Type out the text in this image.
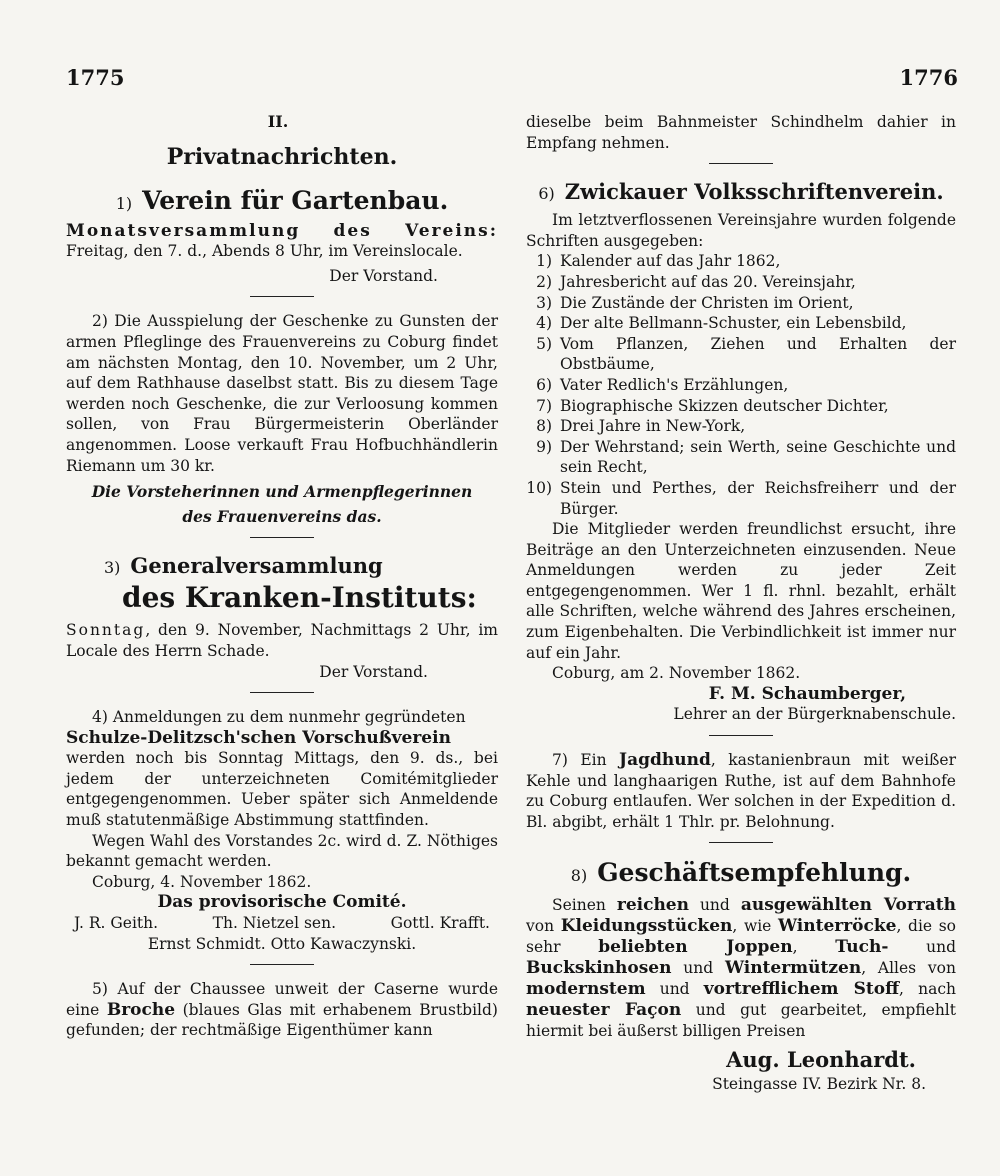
1775	1776

II.

Privatnachrichten.

1) Verein für Gartenbau.

Monatsversammlung des Vereins: Freitag, den 7. d., Abends 8 Uhr, im Vereinslocale.

Der Vorstand.

2) Die Ausspielung der Geschenke zu Gunsten der armen Pfleglinge des Frauenvereins zu Coburg findet am nächsten Montag, den 10. November, um 2 Uhr, auf dem Rathhause daselbst statt. Bis zu diesem Tage werden noch Geschenke, die zur Verloosung kommen sollen, von Frau Bürgermeisterin Oberländer angenommen. Loose verkauft Frau Hofbuchhändlerin Riemann um 30 kr.

Die Vorsteherinnen und Armenpflegerinnen

des Frauenvereins das.

3) Generalversammlung

des Kranken-Instituts:

Sonntag, den 9. November, Nachmittags 2 Uhr, im Locale des Herrn Schade.

Der Vorstand.

4) Anmeldungen zu dem nunmehr gegründeten

Schulze-Delitzsch'schen Vorschußverein

werden noch bis Sonntag Mittags, den 9. ds., bei jedem der unterzeichneten Comitémitglieder entgegengenommen. Ueber später sich Anmeldende muß statutenmäßige Abstimmung stattfinden.

Wegen Wahl des Vorstandes 2c. wird d. Z. Nöthiges bekannt gemacht werden.

Coburg, 4. November 1862.

Das provisorische Comité.

J. R. Geith.	Th. Nietzel sen.	Gottl. Krafft.

Ernst Schmidt. Otto Kawaczynski.

5) Auf der Chaussee unweit der Caserne wurde eine Broche (blaues Glas mit erhabenem Brustbild) gefunden; der rechtmäßige Eigenthümer kann

dieselbe beim Bahnmeister Schindhelm dahier in Empfang nehmen.

6) Zwickauer Volksschriftenverein.

Im letztverflossenen Vereinsjahre wurden folgende Schriften ausgegeben:

1) Kalender auf das Jahr 1862,
2) Jahresbericht auf das 20. Vereinsjahr,
3) Die Zustände der Christen im Orient,
4) Der alte Bellmann-Schuster, ein Lebensbild,
5) Vom Pflanzen, Ziehen und Erhalten der Obstbäume,
6) Vater Redlich's Erzählungen,
7) Biographische Skizzen deutscher Dichter,
8) Drei Jahre in New-York,
9) Der Wehrstand; sein Werth, seine Geschichte und sein Recht,
10) Stein und Perthes, der Reichsfreiherr und der Bürger.

Die Mitglieder werden freundlichst ersucht, ihre Beiträge an den Unterzeichneten einzusenden. Neue Anmeldungen werden zu jeder Zeit entgegengenommen. Wer 1 fl. rhnl. bezahlt, erhält alle Schriften, welche während des Jahres erscheinen, zum Eigenbehalten. Die Verbindlichkeit ist immer nur auf ein Jahr.

Coburg, am 2. November 1862.

F. M. Schaumberger,

Lehrer an der Bürgerknabenschule.

7) Ein Jagdhund, kastanienbraun mit weißer Kehle und langhaarigen Ruthe, ist auf dem Bahnhofe zu Coburg entlaufen. Wer solchen in der Expedition d. Bl. abgibt, erhält 1 Thlr. pr. Belohnung.

8) Geschäftsempfehlung.

Seinen reichen und ausgewählten Vorrath von Kleidungsstücken, wie Winterröcke, die so sehr beliebten Joppen, Tuch- und Buckskinhosen und Wintermützen, Alles von modernstem und vortrefflichem Stoff, nach neuester Façon und gut gearbeitet, empfiehlt hiermit bei äußerst billigen Preisen

Aug. Leonhardt.

Steingasse IV. Bezirk Nr. 8.
